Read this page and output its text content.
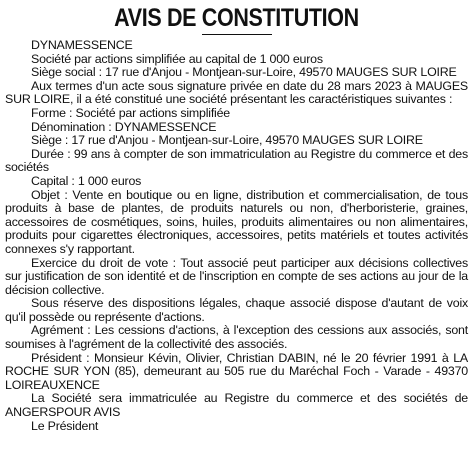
AVIS DE CONSTITUTION

DYNAMESSENCE

Société par actions simplifiée au capital de 1 000 euros

Siège social : 17 rue d'Anjou - Montjean-sur-Loire, 49570 MAUGES SUR LOIRE

Aux termes d'un acte sous signature privée en date du 28 mars 2023 à MAUGES SUR LOIRE, il a été constitué une société présentant les caractéristiques suivantes :

Forme : Société par actions simplifiée

Dénomination : DYNAMESSENCE

Siège : 17 rue d'Anjou - Montjean-sur-Loire, 49570 MAUGES SUR LOIRE

Durée : 99 ans à compter de son immatriculation au Registre du commerce et des sociétés

Capital : 1 000 euros

Objet : Vente en boutique ou en ligne, distribution et commercialisation, de tous produits à base de plantes, de produits naturels ou non, d'herboristerie, graines, accessoires de cosmétiques, soins, huiles, produits alimentaires ou non alimentaires, produits pour cigarettes électroniques, accessoires, petits matériels et toutes activités connexes s'y rapportant.

Exercice du droit de vote : Tout associé peut participer aux décisions collectives sur justification de son identité et de l'inscription en compte de ses actions au jour de la décision collective.

Sous réserve des dispositions légales, chaque associé dispose d'autant de voix qu'il possède ou représente d'actions.

Agrément : Les cessions d'actions, à l'exception des cessions aux associés, sont soumises à l'agrément de la collectivité des associés.

Président : Monsieur Kévin, Olivier, Christian DABIN, né le 20 février 1991 à LA ROCHE SUR YON (85), demeurant au 505 rue du Maréchal Foch - Varade - 49370 LOIREAUXENCE

La Société sera immatriculée au Registre du commerce et des sociétés de ANGERSPOUR AVIS

Le Président
